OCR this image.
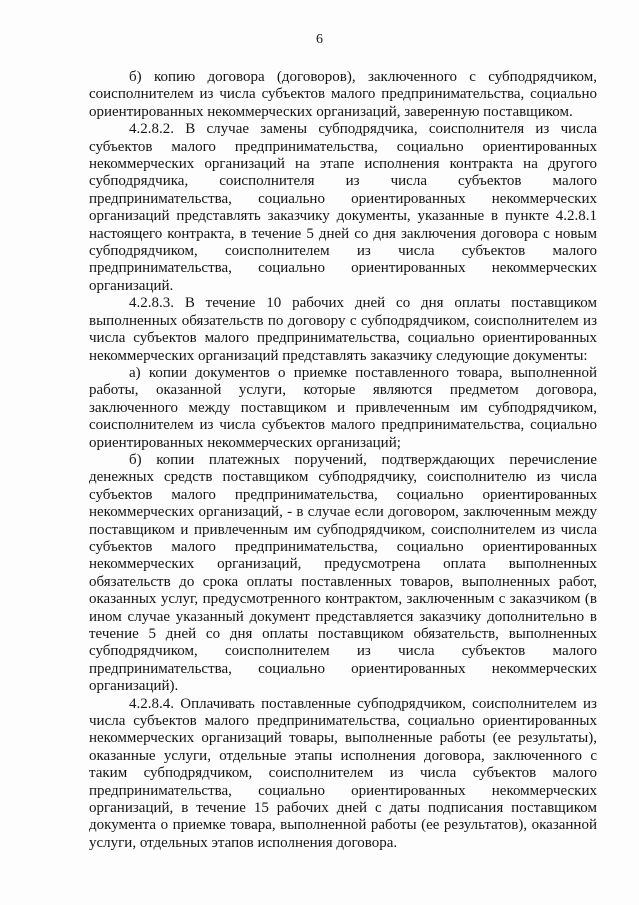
6

б) копию договора (договоров), заключенного с субподрядчиком, соисполнителем из числа субъектов малого предпринимательства, социально ориентированных некоммерческих организаций, заверенную поставщиком.

4.2.8.2. В случае замены субподрядчика, соисполнителя из числа субъектов малого предпринимательства, социально ориентированных некоммерческих организаций на этапе исполнения контракта на другого субподрядчика, соисполнителя из числа субъектов малого предпринимательства, социально ориентированных некоммерческих организаций представлять заказчику документы, указанные в пункте 4.2.8.1 настоящего контракта, в течение 5 дней со дня заключения договора с новым субподрядчиком, соисполнителем из числа субъектов малого предпринимательства, социально ориентированных некоммерческих организаций.

4.2.8.3. В течение 10 рабочих дней со дня оплаты поставщиком выполненных обязательств по договору с субподрядчиком, соисполнителем из числа субъектов малого предпринимательства, социально ориентированных некоммерческих организаций представлять заказчику следующие документы:

а) копии документов о приемке поставленного товара, выполненной работы, оказанной услуги, которые являются предметом договора, заключенного между поставщиком и привлеченным им субподрядчиком, соисполнителем из числа субъектов малого предпринимательства, социально ориентированных некоммерческих организаций;

б) копии платежных поручений, подтверждающих перечисление денежных средств поставщиком субподрядчику, соисполнителю из числа субъектов малого предпринимательства, социально ориентированных некоммерческих организаций, - в случае если договором, заключенным между поставщиком и привлеченным им субподрядчиком, соисполнителем из числа субъектов малого предпринимательства, социально ориентированных некоммерческих организаций, предусмотрена оплата выполненных обязательств до срока оплаты поставленных товаров, выполненных работ, оказанных услуг, предусмотренного контрактом, заключенным с заказчиком (в ином случае указанный документ представляется заказчику дополнительно в течение 5 дней со дня оплаты поставщиком обязательств, выполненных субподрядчиком, соисполнителем из числа субъектов малого предпринимательства, социально ориентированных некоммерческих организаций).

4.2.8.4. Оплачивать поставленные субподрядчиком, соисполнителем из числа субъектов малого предпринимательства, социально ориентированных некоммерческих организаций товары, выполненные работы (ее результаты), оказанные услуги, отдельные этапы исполнения договора, заключенного с таким субподрядчиком, соисполнителем из числа субъектов малого предпринимательства, социально ориентированных некоммерческих организаций, в течение 15 рабочих дней с даты подписания поставщиком документа о приемке товара, выполненной работы (ее результатов), оказанной услуги, отдельных этапов исполнения договора.
